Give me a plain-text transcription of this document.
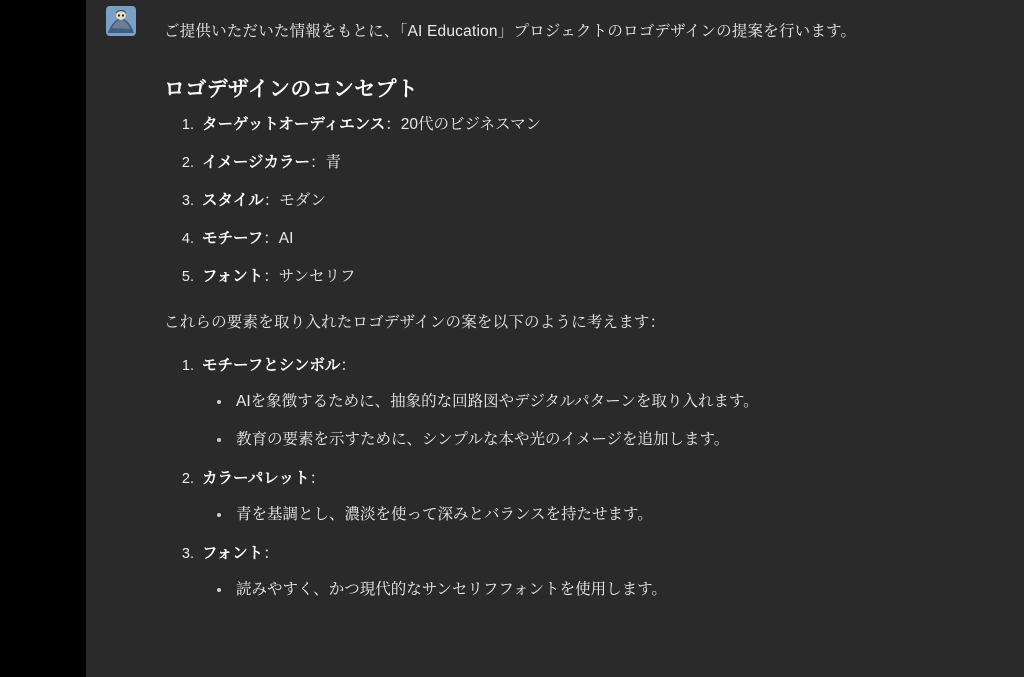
ご提供いただいた情報をもとに、「AI Education」プロジェクトのロゴデザインの提案を行います。

ロゴデザインのコンセプト
1. ターゲットオーディエンス：20代のビジネスマン
2. イメージカラー：青
3. スタイル：モダン
4. モチーフ：AI
5. フォント：サンセリフ

これらの要素を取り入れたロゴデザインの案を以下のように考えます：

1. モチーフとシンボル：
• AIを象徴するために、抽象的な回路図やデジタルパターンを取り入れます。
• 教育の要素を示すために、シンプルな本や光のイメージを追加します。
2. カラーパレット：
• 青を基調とし、濃淡を使って深みとバランスを持たせます。
3. フォント：
• 読みやすく、かつ現代的なサンセリフフォントを使用します。
